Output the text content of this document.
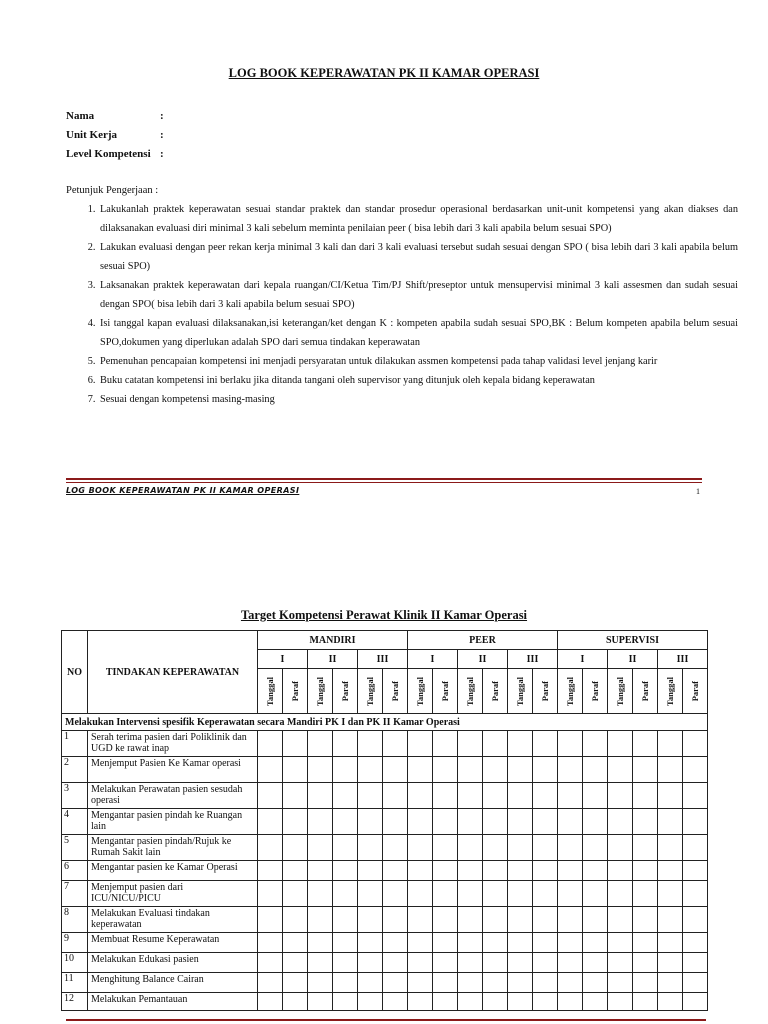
LOG BOOK KEPERAWATAN PK II KAMAR OPERASI
Nama	:
Unit Kerja	:
Level Kompetensi :
Petunjuk Pengerjaan :
1. Lakukanlah praktek keperawatan sesuai standar praktek dan standar prosedur operasional berdasarkan unit-unit kompetensi yang akan diakses dan dilaksanakan evaluasi diri minimal 3 kali sebelum meminta penilaian peer ( bisa lebih dari 3 kali apabila belum sesuai SPO)
2. Lakukan evaluasi dengan peer rekan kerja minimal 3 kali dan dari 3 kali evaluasi tersebut sudah sesuai dengan SPO ( bisa lebih dari 3 kali apabila belum sesuai SPO)
3. Laksanakan praktek keperawatan dari kepala ruangan/CI/Ketua Tim/PJ Shift/preseptor untuk mensupervisi minimal 3 kali assesmen dan sudah sesuai dengan SPO( bisa lebih dari 3 kali apabila belum sesuai SPO)
4. Isi tanggal kapan evaluasi dilaksanakan,isi keterangan/ket dengan K : kompeten apabila sudah sesuai SPO,BK : Belum kompeten apabila belum sesuai SPO,dokumen yang diperlukan adalah SPO dari semua tindakan keperawatan
5. Pemenuhan pencapaian kompetensi ini menjadi persyaratan untuk dilakukan assmen kompetensi pada tahap validasi level jenjang karir
6. Buku catatan kompetensi ini berlaku jika ditanda tangani oleh supervisor yang ditunjuk oleh kepala bidang keperawatan
7. Sesuai dengan kompetensi masing-masing
LOG BOOK KEPERAWATAN PK II KAMAR OPERASI	1
Target Kompetensi Perawat Klinik II Kamar Operasi
NO	TINDAKAN KEPERAWATAN	MANDIRI						PEER						SUPERVISI					
		I		II		III		I		II		III		I		II		III	

		Tanggal	Paraf	Tanggal	Paraf	Tanggal	Paraf	Tanggal	Paraf	Tanggal	Paraf	Tanggal	Paraf	Tanggal	Paraf	Tanggal	Paraf	Tanggal	Paraf

Melakukan Intervensi spesifik Keperawatan secara Mandiri PK I dan PK II Kamar Operasi																			
1	Serah terima pasien dari Poliklinik dan UGD ke rawat inap																		
2	Menjemput Pasien Ke Kamar operasi																		
3	Melakukan Perawatan pasien sesudah operasi																		
4	Mengantar pasien pindah ke Ruangan lain																		
5	Mengantar pasien pindah/Rujuk ke Rumah Sakit lain																		
6	Mengantar pasien ke Kamar Operasi																		
7	Menjemput pasien dari ICU/NICU/PICU																		
8	Melakukan Evaluasi tindakan keperawatan																		
9	Membuat Resume Keperawatan																		
10	Melakukan Edukasi pasien																		
11	Menghitung Balance Cairan																		
12	Melakukan Pemantauan																		
